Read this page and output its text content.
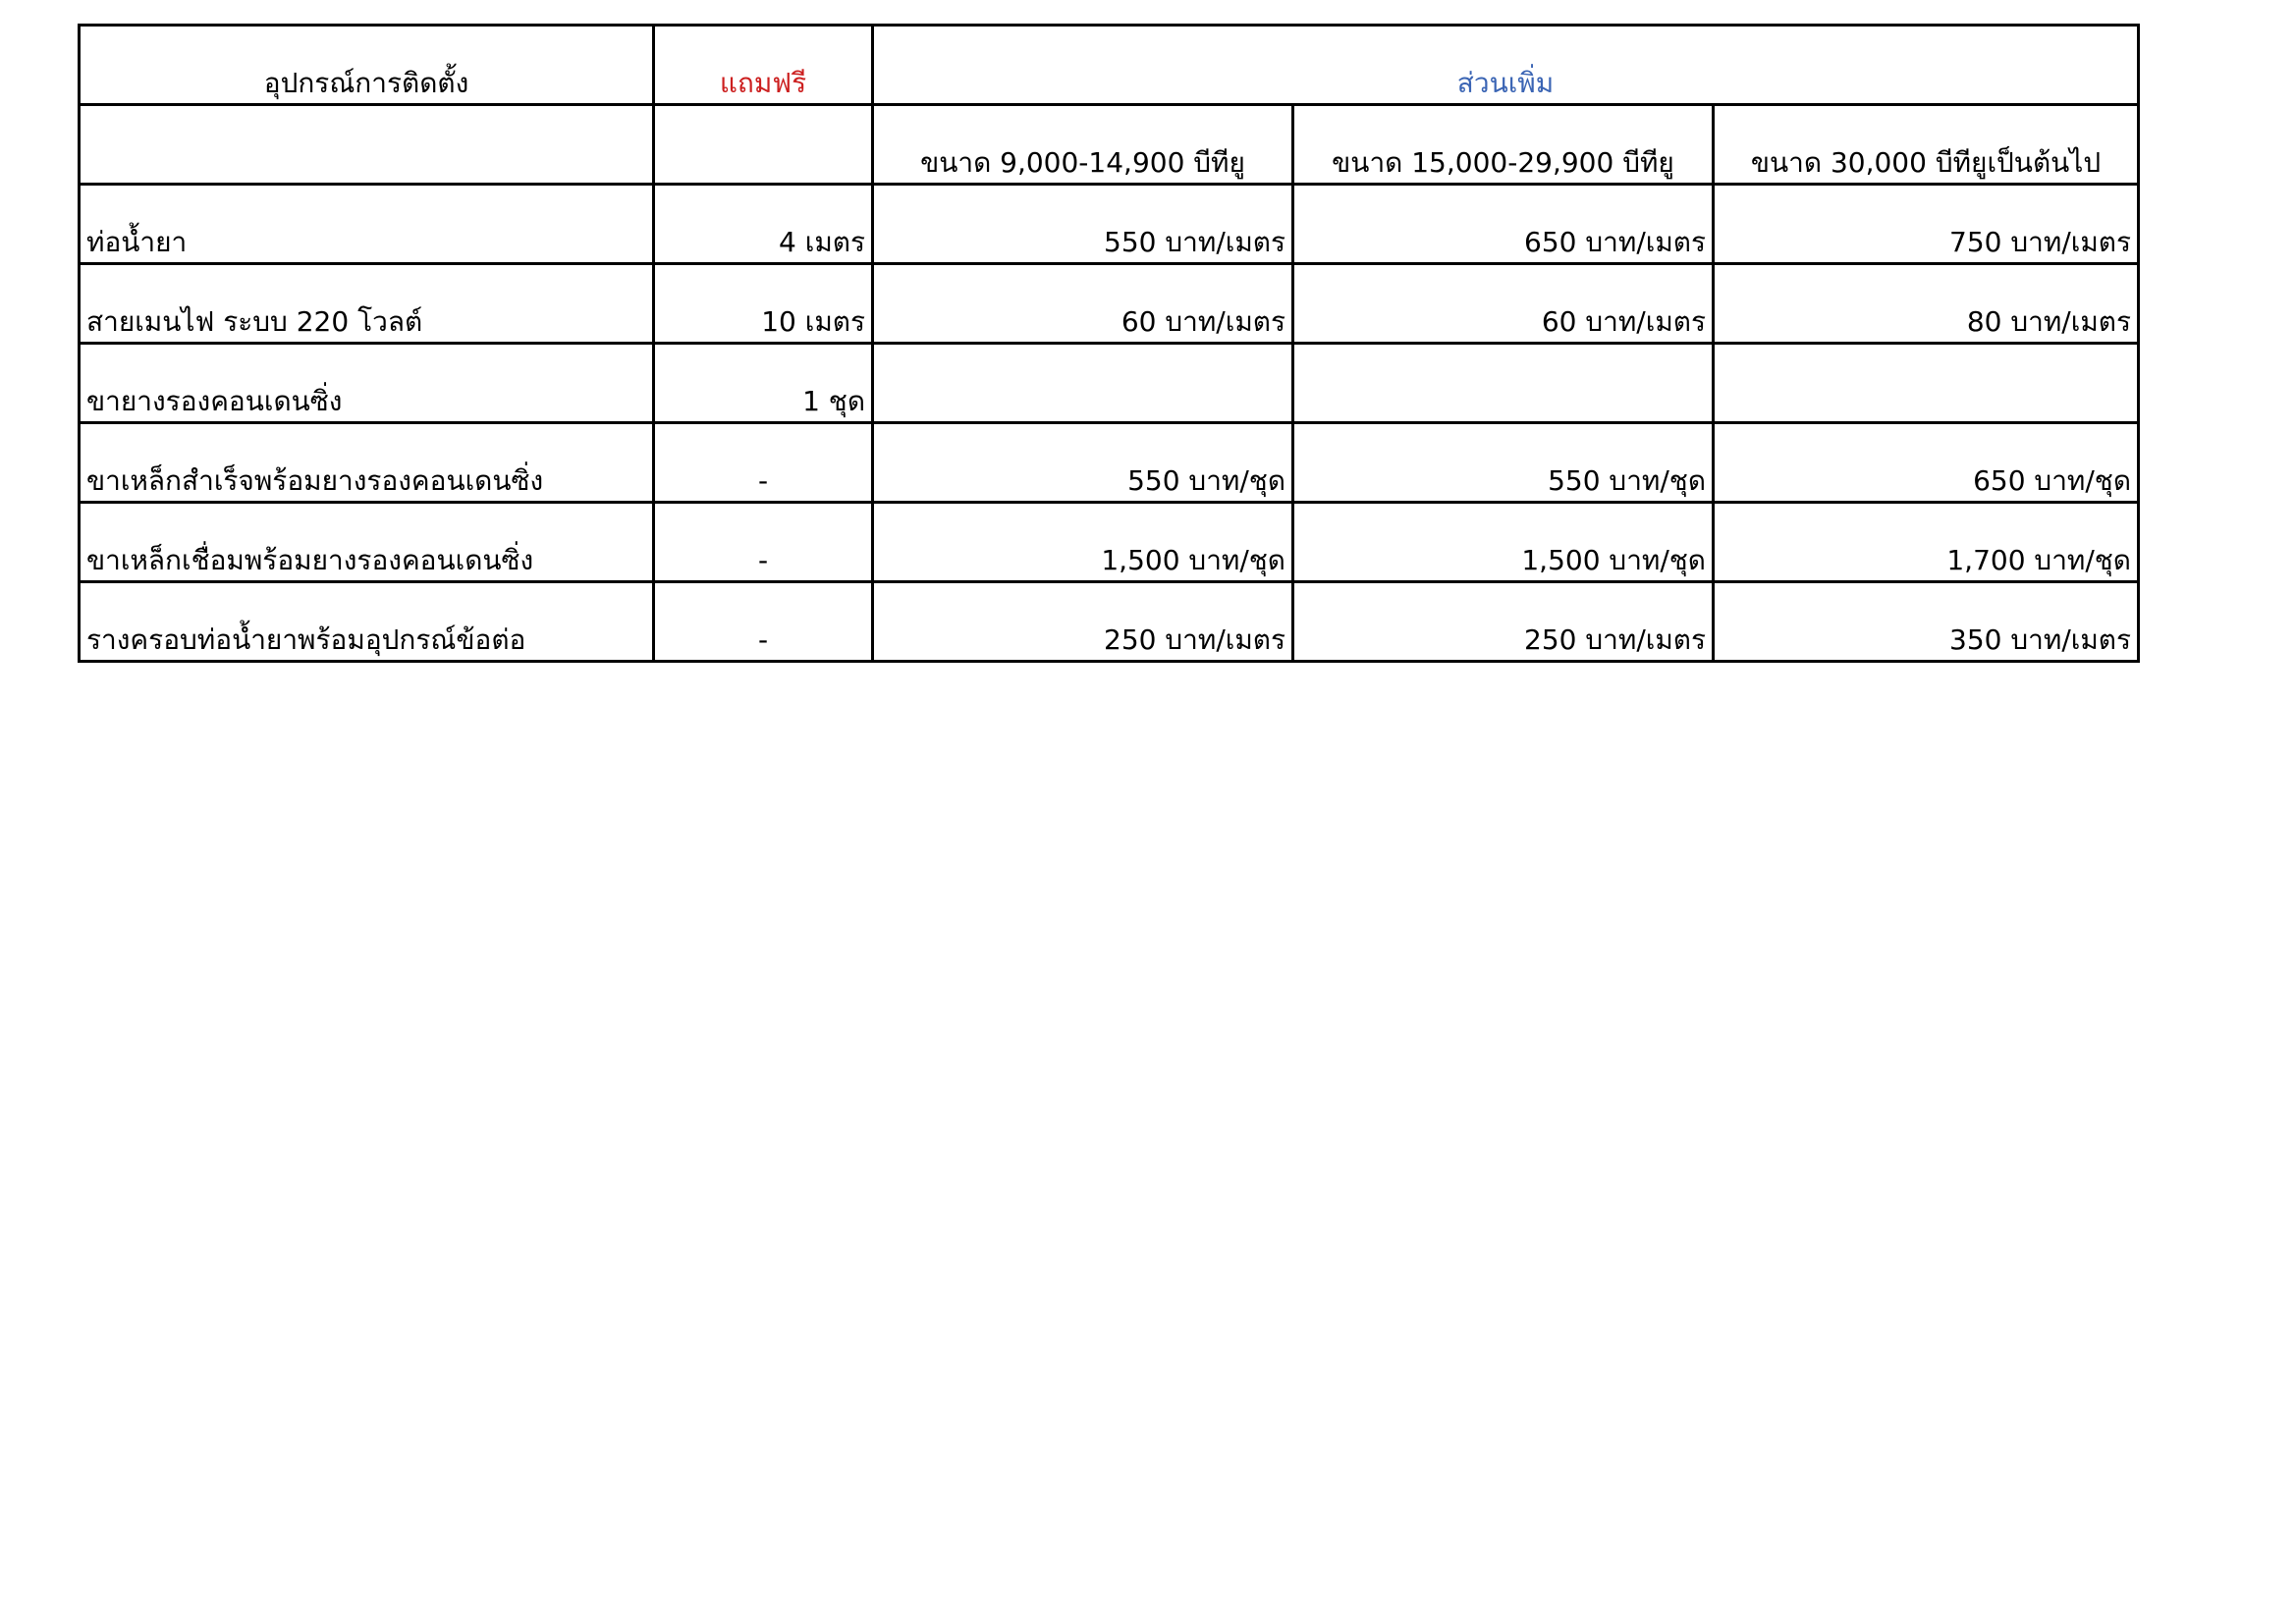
อุปกรณ์การติดตั้ง	แถมฟรี	ส่วนเพิ่ม		
		ขนาด 9,000-14,900 บีทียู	ขนาด 15,000-29,900 บีทียู	ขนาด 30,000 บีทียูเป็นต้นไป
ท่อน้ำยา	4 เมตร	550 บาท/เมตร	650 บาท/เมตร	750 บาท/เมตร
สายเมนไฟ ระบบ 220 โวลต์	10 เมตร	60 บาท/เมตร	60 บาท/เมตร	80 บาท/เมตร
ขายางรองคอนเดนซิ่ง	1 ชุด			
ขาเหล็กสำเร็จพร้อมยางรองคอนเดนซิ่ง	-	550 บาท/ชุด	550 บาท/ชุด	650 บาท/ชุด
ขาเหล็กเชื่อมพร้อมยางรองคอนเดนซิ่ง	-	1,500 บาท/ชุด	1,500 บาท/ชุด	1,700 บาท/ชุด
รางครอบท่อน้ำยาพร้อมอุปกรณ์ข้อต่อ	-	250 บาท/เมตร	250 บาท/เมตร	350 บาท/เมตร
